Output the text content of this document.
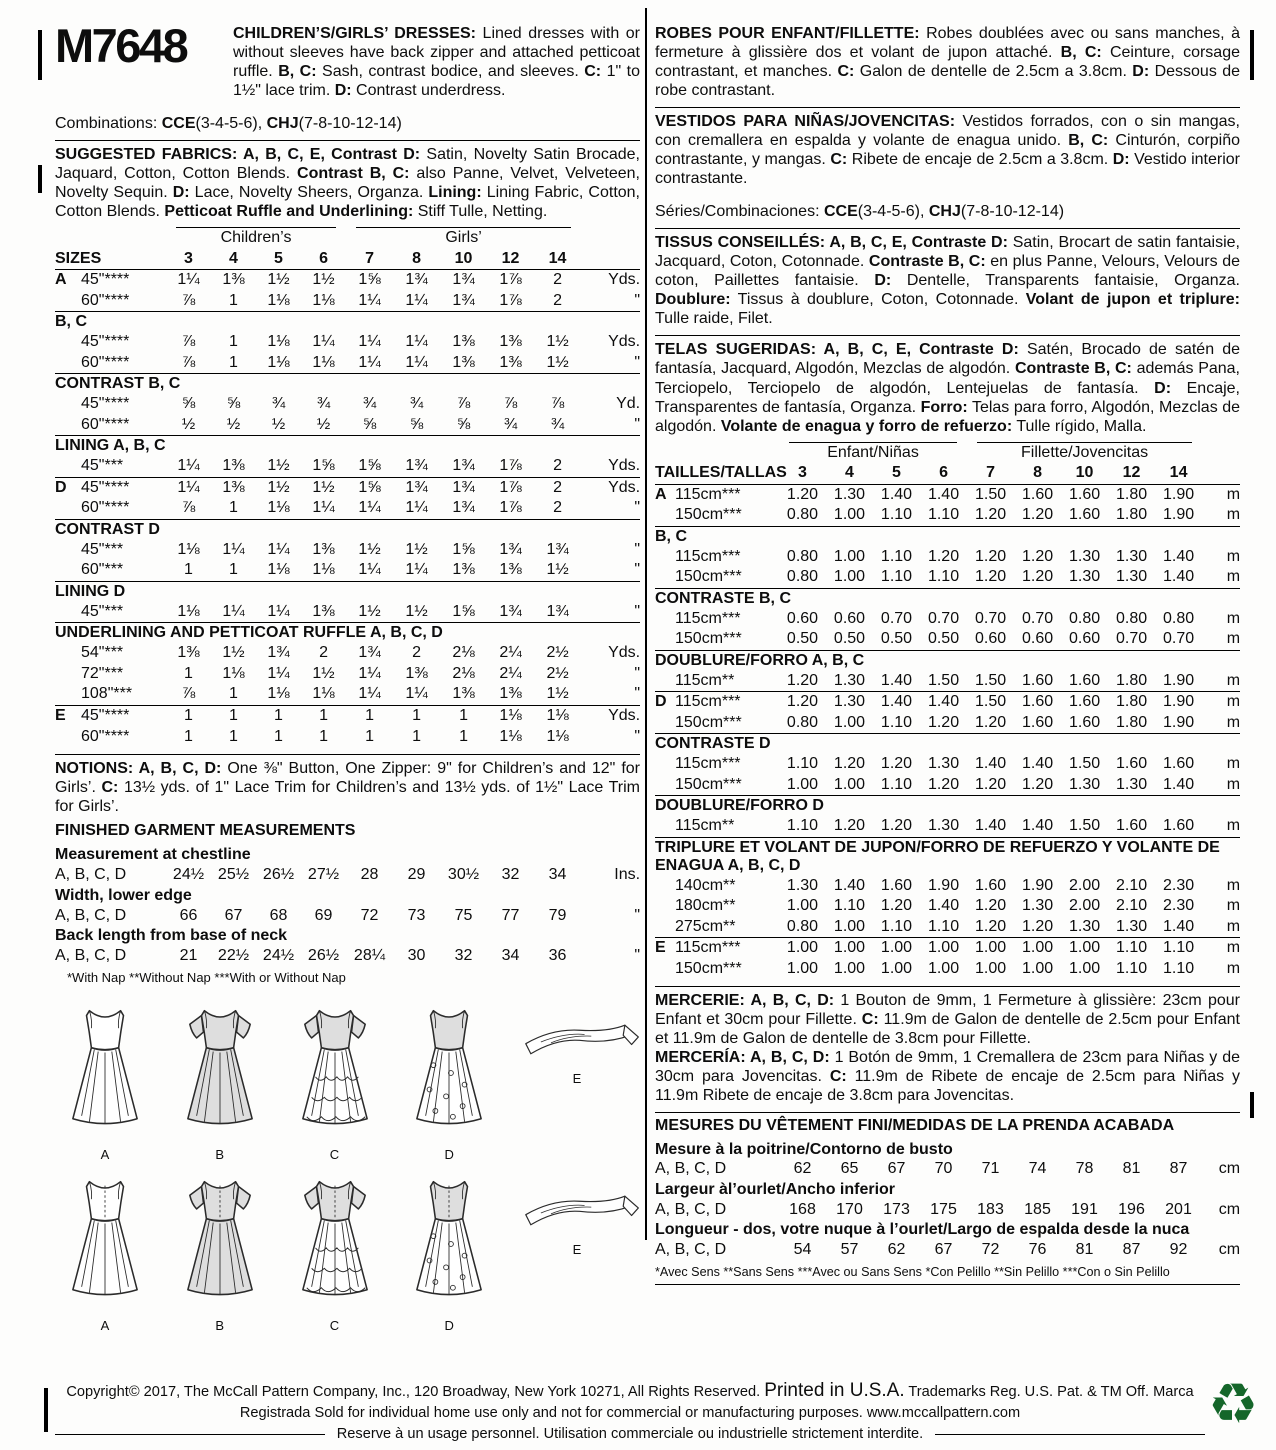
M7648	CHILDREN’S/GIRLS’ DRESSES: Lined dresses with or without sleeves have back zipper and attached petticoat ruffle. B, C: Sash, contrast bodice, and sleeves. C: 1" to 1½" lace trim. D: Contrast underdress.
Combinations: CCE(3-4-5-6), CHJ(7-8-10-12-14)
SUGGESTED FABRICS: A, B, C, E, Contrast D: Satin, Novelty Satin Brocade, Jaquard, Cotton, Cotton Blends. Contrast B, C: also Panne, Velvet, Velveteen, Novelty Sequin. D: Lace, Novelty Sheers, Organza. Lining: Lining Fabric, Cotton, Cotton Blends. Petticoat Ruffle and Underlining: Stiff Tulle, Netting.

		Children’s				Girls’					

SIZES		3	4	5	6	7	8	10	12	14	
A	45"****	1¼	1⅜	1½	1½	1⅝	1¾	1¾	1⅞	2	Yds.
	60"****	⅞	1	1⅛	1⅛	1¼	1¼	1¾	1⅞	2	"
B, C											
	45"****	⅞	1	1⅛	1¼	1¼	1¼	1⅜	1⅜	1½	Yds.
	60"****	⅞	1	1⅛	1⅛	1¼	1¼	1⅜	1⅜	1½	"
CONTRAST B, C											
	45"****	⅝	⅝	¾	¾	¾	¾	⅞	⅞	⅞	Yd.
	60"****	½	½	½	½	⅝	⅝	⅝	¾	¾	"
LINING A, B, C											
	45"***	1¼	1⅜	1½	1⅝	1⅝	1¾	1¾	1⅞	2	Yds.
D	45"****	1¼	1⅜	1½	1½	1⅝	1¾	1¾	1⅞	2	Yds.
	60"****	⅞	1	1⅛	1¼	1¼	1¼	1¾	1⅞	2	"
CONTRAST D											
	45"***	1⅛	1¼	1¼	1⅜	1½	1½	1⅝	1¾	1¾	"
	60"***	1	1	1⅛	1⅛	1¼	1¼	1⅜	1⅜	1½	"
LINING D											
	45"***	1⅛	1¼	1¼	1⅜	1½	1½	1⅝	1¾	1¾	"
UNDERLINING AND PETTICOAT RUFFLE A, B, C, D											
	54"***	1⅜	1½	1¾	2	1¾	2	2⅛	2¼	2½	Yds.
	72"***	1	1⅛	1¼	1½	1¼	1⅜	2⅛	2¼	2½	"
	108"***	⅞	1	1⅛	1⅛	1¼	1¼	1⅜	1⅜	1½	"
E	45"****	1	1	1	1	1	1	1	1⅛	1⅛	Yds.
	60"****	1	1	1	1	1	1	1	1⅛	1⅛	"
NOTIONS: A, B, C, D: One ⅜" Button, One Zipper: 9" for Children’s and 12" for Girls’. C: 13½ yds. of 1" Lace Trim for Children’s and 13½ yds. of 1½" Lace Trim for Girls’.
FINISHED GARMENT MEASUREMENTS
Measurement at chestline										
A, B, C, D	24½	25½	26½	27½	28	29	30½	32	34	Ins.
Width, lower edge										
A, B, C, D	66	67	68	69	72	73	75	77	79	"
Back length from base of neck										
A, B, C, D	21	22½	24½	26½	28¼	30	32	34	36	"
*With Nap **Without Nap ***With or Without Nap
A	B	C	D
E
A	B	C	D
E
ROBES POUR ENFANT/FILLETTE: Robes doublées avec ou sans manches, à fermeture à glissière dos et volant de jupon attaché. B, C: Ceinture, corsage contrastant, et manches. C: Galon de dentelle de 2.5cm a 3.8cm. D: Dessous de robe contrastant.
VESTIDOS PARA NIÑAS/JOVENCITAS: Vestidos forrados, con o sin mangas, con cremallera en espalda y volante de enagua unido. B, C: Cinturón, corpiño contrastante, y mangas. C: Ribete de encaje de 2.5cm a 3.8cm. D: Vestido interior contrastante.
Séries/Combinaciones: CCE(3-4-5-6), CHJ(7-8-10-12-14)
TISSUS CONSEILLÉS: A, B, C, E, Contraste D: Satin, Brocart de satin fantaisie, Jacquard, Coton, Cotonnade. Contraste B, C: en plus Panne, Velours, Velours de coton, Paillettes fantaisie. D: Dentelle, Transparents fantaisie, Organza. Doublure: Tissus à doublure, Coton, Cotonnade. Volant de jupon et triplure: Tulle raide, Filet.
TELAS SUGERIDAS: A, B, C, E, Contraste D: Satén, Brocado de satén de fantasía, Jacquard, Algodón, Mezclas de algodón. Contraste B, C: además Pana, Terciopelo, Terciopelo de algodón, Lentejuelas de fantasía. D: Encaje, Transparentes de fantasía, Organza. Forro: Telas para forro, Algodón, Mezclas de algodón. Volante de enagua y forro de refuerzo: Tulle rígido, Malla.

		Enfant/Niñas				Fillette/Jovencitas					

TAILLES/TALLAS		3	4	5	6	7	8	10	12	14	
A	115cm***	1.20	1.30	1.40	1.40	1.50	1.60	1.60	1.80	1.90	m
	150cm***	0.80	1.00	1.10	1.10	1.20	1.20	1.60	1.80	1.90	m
B, C											
	115cm***	0.80	1.00	1.10	1.20	1.20	1.20	1.30	1.30	1.40	m
	150cm***	0.80	1.00	1.10	1.10	1.20	1.20	1.30	1.30	1.40	m
CONTRASTE B, C											
	115cm***	0.60	0.60	0.70	0.70	0.70	0.70	0.80	0.80	0.80	m
	150cm***	0.50	0.50	0.50	0.50	0.60	0.60	0.60	0.70	0.70	m
DOUBLURE/FORRO A, B, C											
	115cm**	1.20	1.30	1.40	1.50	1.50	1.60	1.60	1.80	1.90	m
D	115cm***	1.20	1.30	1.40	1.40	1.50	1.60	1.60	1.80	1.90	m
	150cm***	0.80	1.00	1.10	1.20	1.20	1.60	1.60	1.80	1.90	m
CONTRASTE D											
	115cm***	1.10	1.20	1.20	1.30	1.40	1.40	1.50	1.60	1.60	m
	150cm***	1.00	1.00	1.10	1.20	1.20	1.20	1.30	1.30	1.40	m
DOUBLURE/FORRO D											
	115cm**	1.10	1.20	1.20	1.30	1.40	1.40	1.50	1.60	1.60	m
TRIPLURE ET VOLANT DE JUPON/FORRO DE REFUERZO Y VOLANTE DE ENAGUA A, B, C, D											
	140cm**	1.30	1.40	1.60	1.90	1.60	1.90	2.00	2.10	2.30	m
	180cm**	1.00	1.10	1.20	1.40	1.20	1.30	2.00	2.10	2.30	m
	275cm**	0.80	1.00	1.10	1.10	1.20	1.20	1.30	1.30	1.40	m
E	115cm***	1.00	1.00	1.00	1.00	1.00	1.00	1.00	1.10	1.10	m
	150cm***	1.00	1.00	1.00	1.00	1.00	1.00	1.00	1.10	1.10	m
MERCERIE: A, B, C, D: 1 Bouton de 9mm, 1 Fermeture à glissière: 23cm pour Enfant et 30cm pour Fillette. C: 11.9m de Galon de dentelle de 2.5cm pour Enfant et 11.9m de Galon de dentelle de 3.8cm pour Fillette.
MERCERÍA: A, B, C, D: 1 Botón de 9mm, 1 Cremallera de 23cm para Niñas y de 30cm para Jovencitas. C: 11.9m de Ribete de encaje de 2.5cm para Niñas y 11.9m Ribete de encaje de 3.8cm para Jovencitas.
MESURES DU VÊTEMENT FINI/MEDIDAS DE LA PRENDA ACABADA
Mesure à la poitrine/Contorno de busto										
A, B, C, D	62	65	67	70	71	74	78	81	87	cm
Largeur àl’ourlet/Ancho inferior										
A, B, C, D	168	170	173	175	183	185	191	196	201	cm
Longueur - dos, votre nuque à l’ourlet/Largo de espalda desde la nuca										
A, B, C, D	54	57	62	67	72	76	81	87	92	cm
*Avec Sens **Sans Sens ***Avec ou Sans Sens *Con Pelillo **Sin Pelillo ***Con o Sin Pelillo
Copyright© 2017, The McCall Pattern Company, Inc., 120 Broadway, New York 10271, All Rights Reserved. Printed in U.S.A. Trademarks Reg. U.S. Pat. & TM Off. Marca
Registrada Sold for individual home use only and not for commercial or manufacturing purposes. www.mccallpattern.com
Reserve à un usage personnel. Utilisation commerciale ou industrielle strictement interdite.	♻
